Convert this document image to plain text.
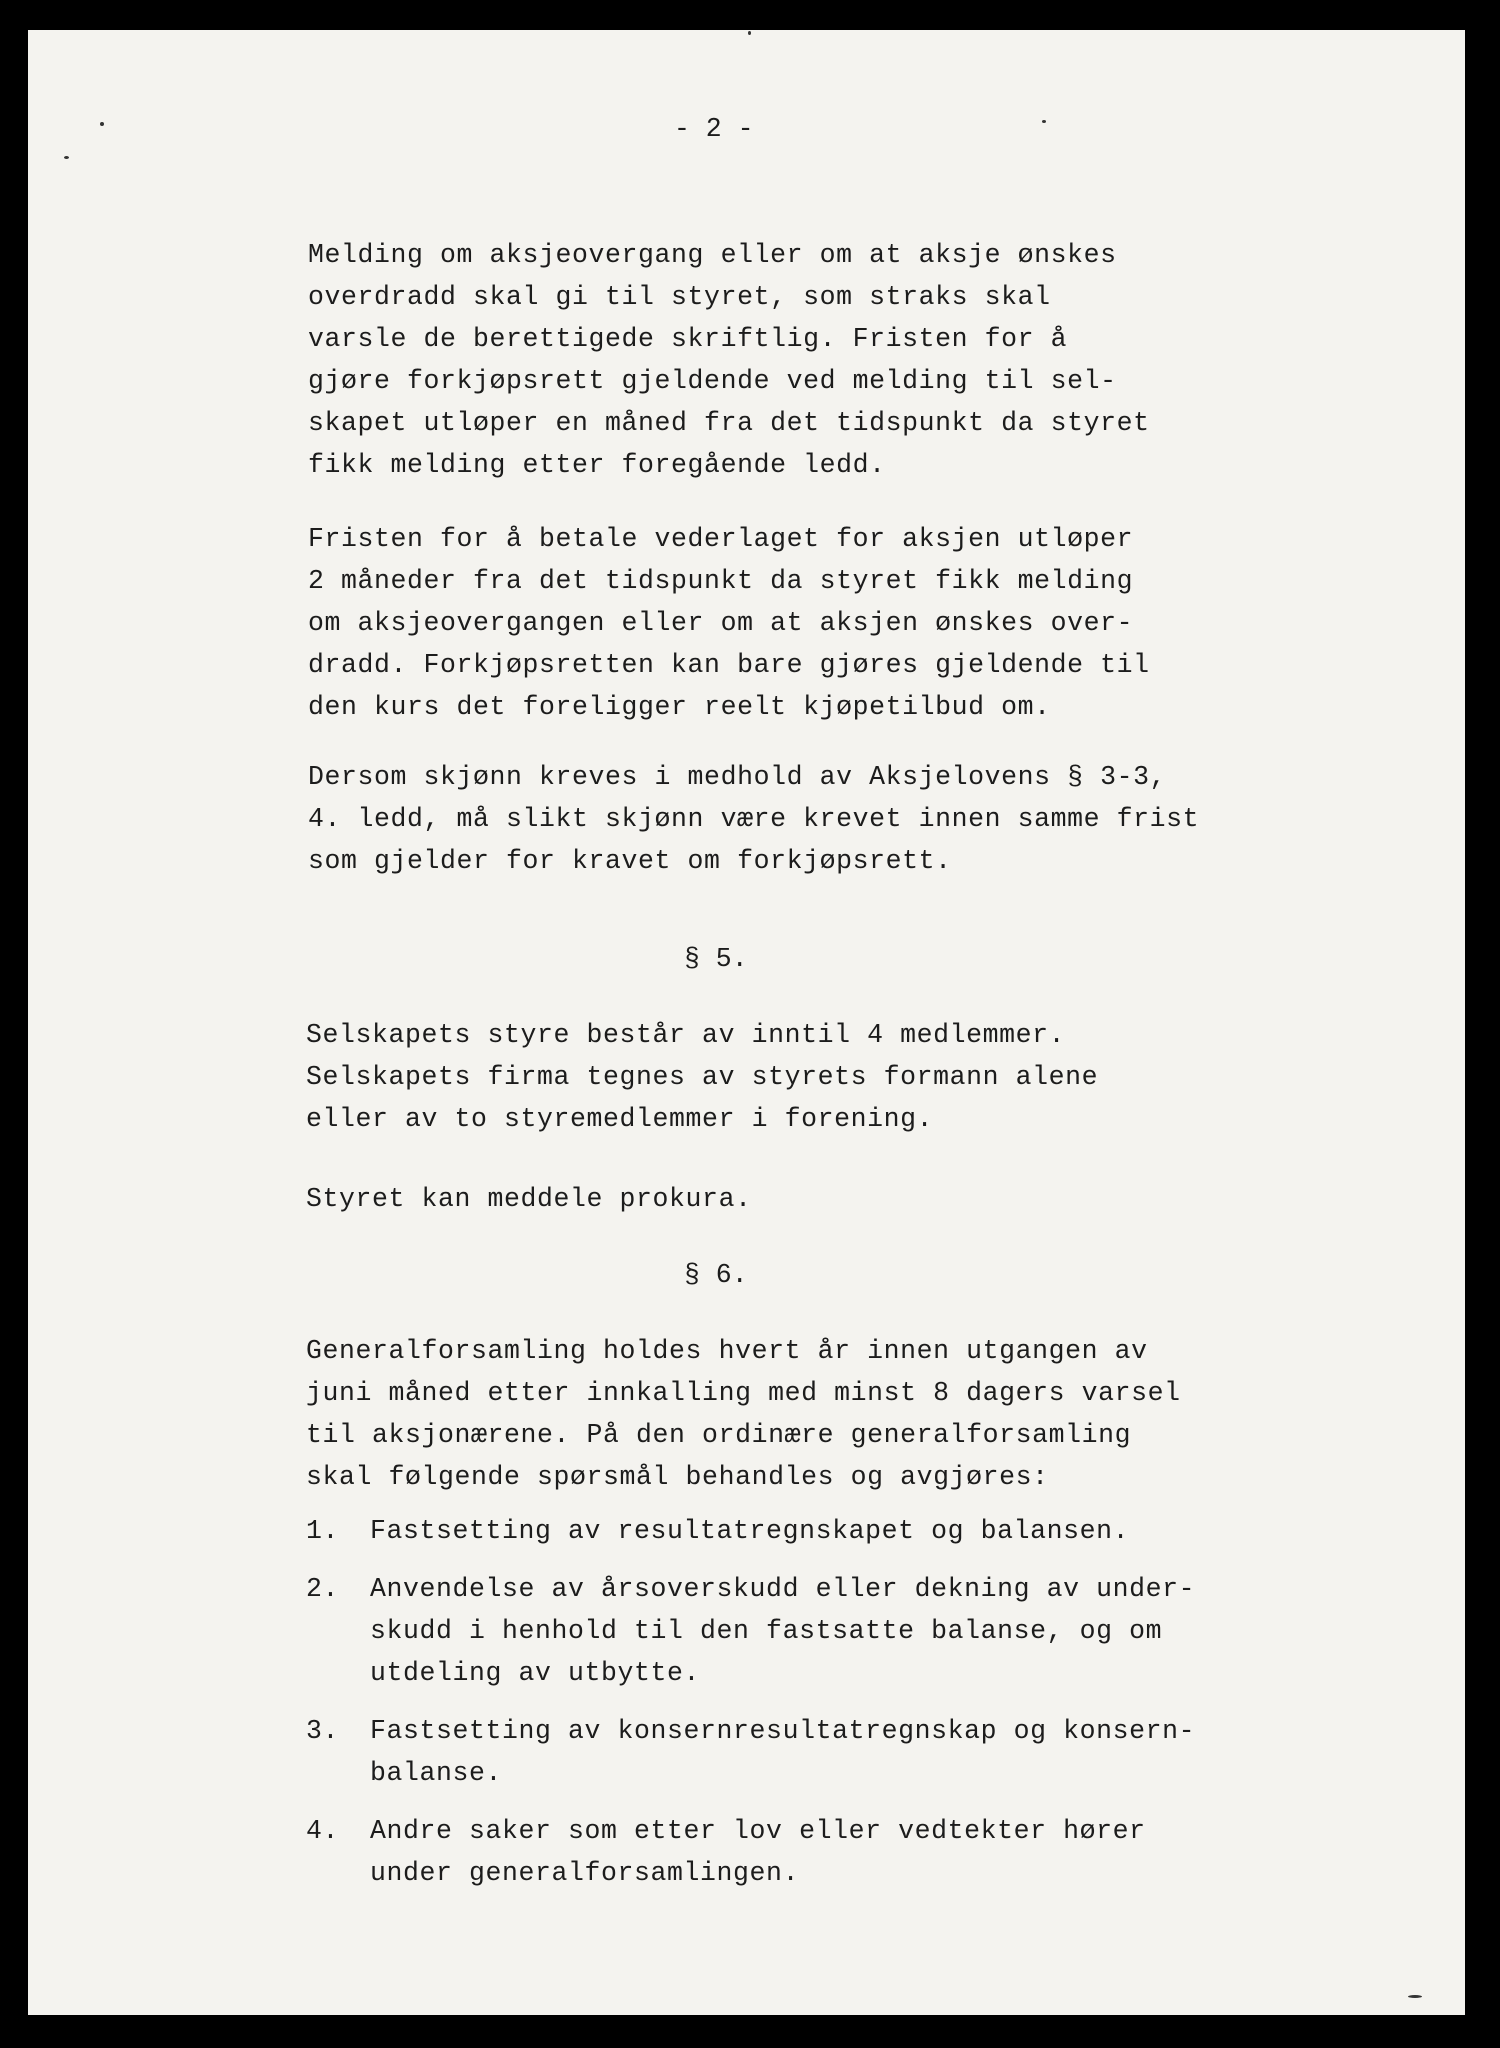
- 2 -
Melding om aksjeovergang eller om at aksje ønskes
overdradd skal gi til styret, som straks skal
varsle de berettigede skriftlig. Fristen for å
gjøre forkjøpsrett gjeldende ved melding til sel-
skapet utløper en måned fra det tidspunkt da styret
fikk melding etter foregående ledd.
Fristen for å betale vederlaget for aksjen utløper
2 måneder fra det tidspunkt da styret fikk melding
om aksjeovergangen eller om at aksjen ønskes over-
dradd. Forkjøpsretten kan bare gjøres gjeldende til
den kurs det foreligger reelt kjøpetilbud om.
Dersom skjønn kreves i medhold av Aksjelovens § 3-3,
4. ledd, må slikt skjønn være krevet innen samme frist
som gjelder for kravet om forkjøpsrett.
§ 5.
Selskapets styre består av inntil 4 medlemmer.
Selskapets firma tegnes av styrets formann alene
eller av to styremedlemmer i forening.
Styret kan meddele prokura.
§ 6.
Generalforsamling holdes hvert år innen utgangen av
juni måned etter innkalling med minst 8 dagers varsel
til aksjonærene. På den ordinære generalforsamling
skal følgende spørsmål behandles og avgjøres:
1. Fastsetting av resultatregnskapet og balansen.
2. Anvendelse av årsoverskudd eller dekning av under-
skudd i henhold til den fastsatte balanse, og om
utdeling av utbytte.
3. Fastsetting av konsernresultatregnskap og konsern-
balanse.
4. Andre saker som etter lov eller vedtekter hører
under generalforsamlingen.
